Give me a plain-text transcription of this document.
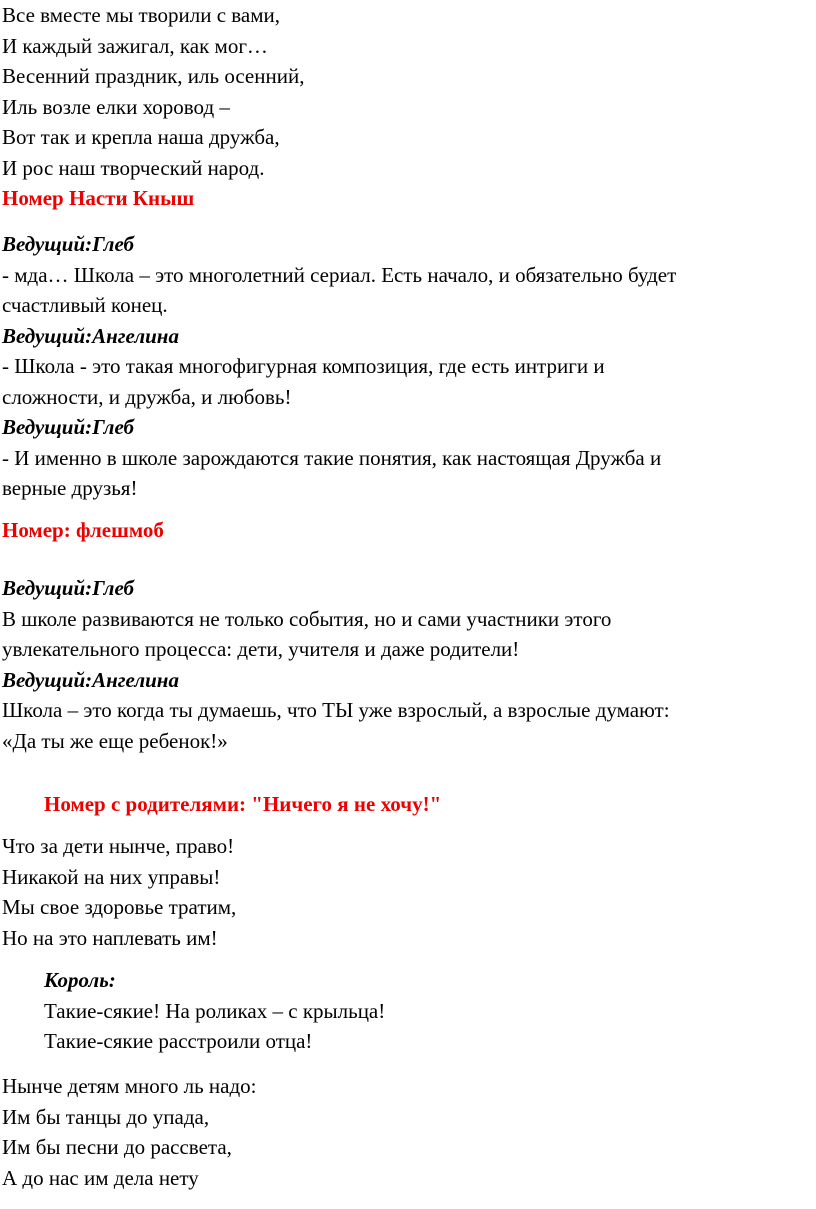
Все вместе мы творили с вами,
И каждый зажигал, как мог…
Весенний праздник, иль осенний,
Иль возле елки хоровод –
Вот так и крепла наша дружба,
И рос наш творческий народ.
Номер Насти Кныш
Ведущий:Глеб
- мда… Школа – это многолетний сериал. Есть начало, и обязательно будет
счастливый конец.
Ведущий:Ангелина
- Школа - это такая многофигурная композиция, где есть интриги и
сложности, и дружба, и любовь!
Ведущий:Глеб
- И именно в школе зарождаются такие понятия, как настоящая Дружба и
верные друзья!
Номер: флешмоб
Ведущий:Глеб
В школе развиваются не только события, но и сами участники этого
увлекательного процесса: дети, учителя и даже родители!
Ведущий:Ангелина
Школа – это когда ты думаешь, что ТЫ уже взрослый, а взрослые думают:
«Да ты же еще ребенок!»
Номер с родителями: "Ничего я не хочу!"
Что за дети нынче, право!
Никакой на них управы!
Мы свое здоровье тратим,
Но на это наплевать им!
Король:
Такие-сякие! На роликах – с крыльца!
Такие-сякие расстроили отца!
Нынче детям много ль надо:
Им бы танцы до упада,
Им бы песни до рассвета,
А до нас им дела нету
